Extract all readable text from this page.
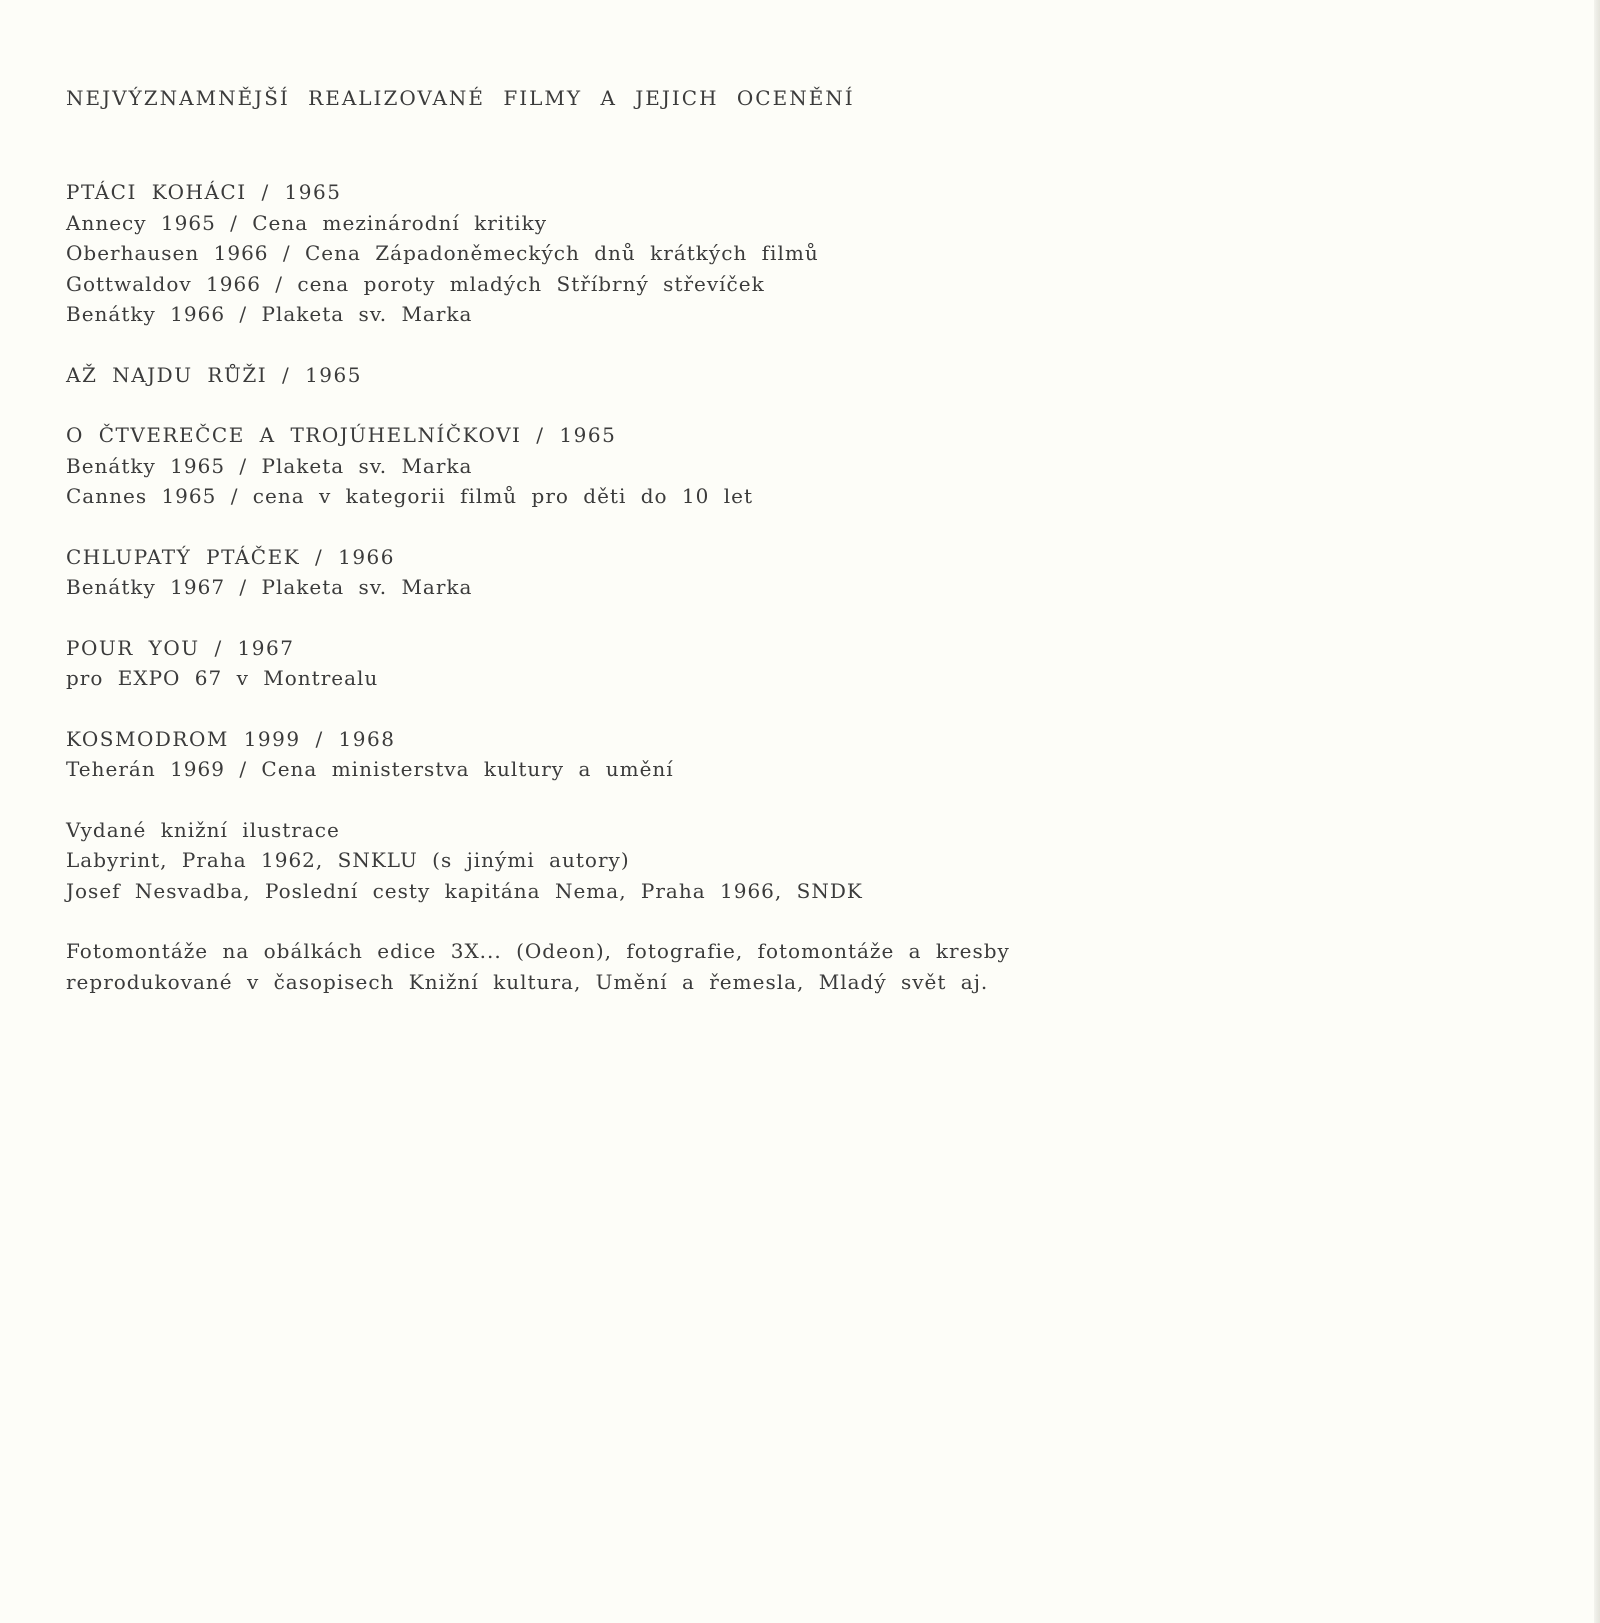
NEJVÝZNAMNĚJŠÍ REALIZOVANÉ FILMY A JEJICH OCENĚNÍ
PTÁCI KOHÁCI / 1965
Annecy 1965 / Cena mezinárodní kritiky
Oberhausen 1966 / Cena Západoněmeckých dnů krátkých filmů
Gottwaldov 1966 / cena poroty mladých Stříbrný střevíček
Benátky 1966 / Plaketa sv. Marka
AŽ NAJDU RŮŽI / 1965
O ČTVEREČCE A TROJÚHELNÍČKOVI / 1965
Benátky 1965 / Plaketa sv. Marka
Cannes 1965 / cena v kategorii filmů pro děti do 10 let
CHLUPATÝ PTÁČEK / 1966
Benátky 1967 / Plaketa sv. Marka
POUR YOU / 1967
pro EXPO 67 v Montrealu
KOSMODROM 1999 / 1968
Teherán 1969 / Cena ministerstva kultury a umění
Vydané knižní ilustrace
Labyrint, Praha 1962, SNKLU (s jinými autory)
Josef Nesvadba, Poslední cesty kapitána Nema, Praha 1966, SNDK
Fotomontáže na obálkách edice 3X... (Odeon), fotografie, fotomontáže a kresby
reprodukované v časopisech Knižní kultura, Umění a řemesla, Mladý svět aj.
